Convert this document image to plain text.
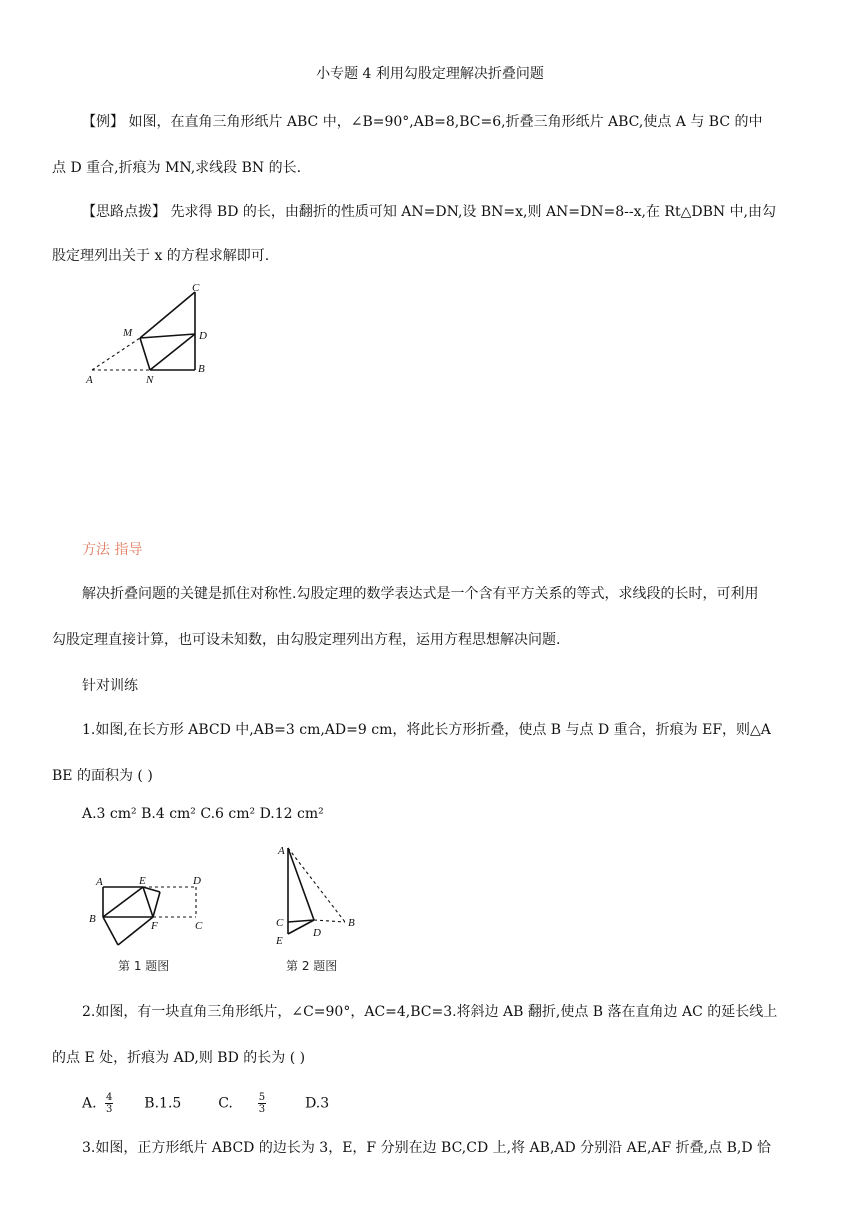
小专题 4 利用勾股定理解决折叠问题
【例】 如图，在直角三角形纸片 ABC 中，∠B=90°,AB=8,BC=6,折叠三角形纸片 ABC,使点 A 与 BC 的中
点 D 重合,折痕为 MN,求线段 BN 的长.
【思路点拨】 先求得 BD 的长，由翻折的性质可知 AN=DN,设 BN=x,则 AN=DN=8--x,在 Rt△DBN 中,由勾
股定理列出关于 x 的方程求解即可.
C
M	D
A	N
B
方法 指导
解决折叠问题的关键是抓住对称性.勾股定理的数学表达式是一个含有平方关系的等式，求线段的长时，可利用
勾股定理直接计算，也可设未知数，由勾股定理列出方程，运用方程思想解决问题.
针对训练
1.如图,在长方形 ABCD 中,AB=3 cm,AD=9 cm，将此长方形折叠，使点 B 与点 D 重合，折痕为 EF，则△A
BE 的面积为 ( )
A.3 cm² B.4 cm² C.6 cm² D.12 cm²
A	E	D
B
F	C
第 1 题图
A
C	B
E
D
第 2 题图
2.如图，有一块直角三角形纸片，∠C=90°，AC=4,BC=3.将斜边 AB 翻折,使点 B 落在直角边 AC 的延长线上
的点 E 处，折痕为 AD,则 BD 的长为 ( )
A. $\frac{4}{3} B.1.5$	C. $\frac{5}{3}$	D.3
3.如图，正方形纸片 ABCD 的边长为 3，E，F 分别在边 BC,CD 上,将 AB,AD 分别沿 AE,AF 折叠,点 B,D 恰
